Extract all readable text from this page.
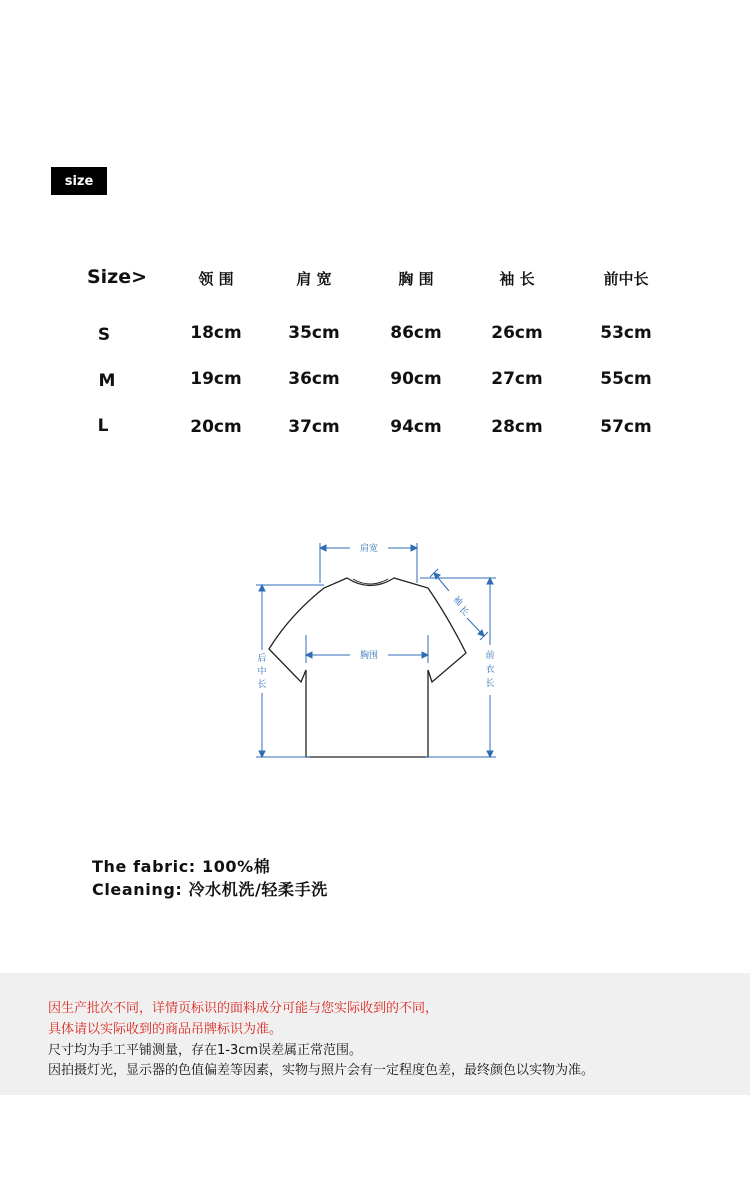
size
Size>	领 围	肩 宽	胸 围	袖 长	前中长
S	18cm	35cm	86cm	26cm	53cm
M	19cm	36cm	90cm	27cm	55cm
L	20cm	37cm	94cm	28cm	57cm
肩宽
胸围
后
中
长
前
衣
长
袖
长
The fabric: 100%棉
Cleaning: 冷水机洗/轻柔手洗
因生产批次不同，详情页标识的面料成分可能与您实际收到的不同，
具体请以实际收到的商品吊牌标识为准。
尺寸均为手工平铺测量，存在1-3cm误差属正常范围。
因拍摄灯光，显示器的色值偏差等因素，实物与照片会有一定程度色差，最终颜色以实物为准。
